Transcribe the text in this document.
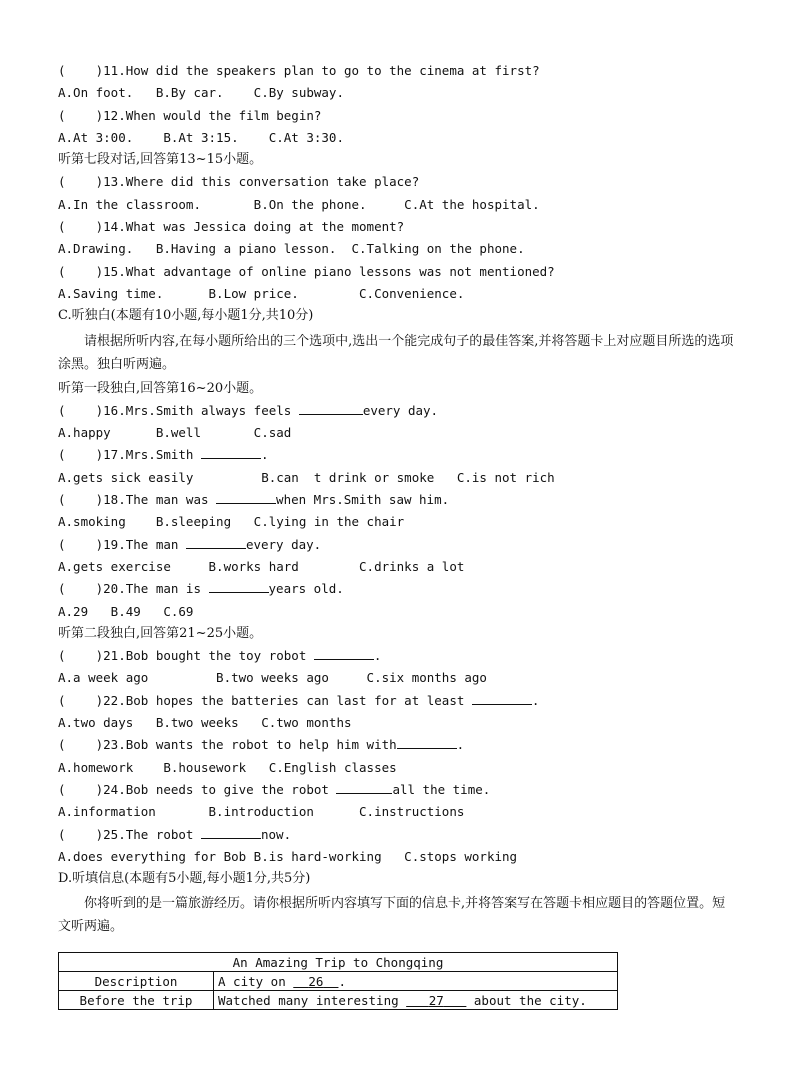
(    )11.How did the speakers plan to go to the cinema at first?
A.On foot.   B.By car.    C.By subway.
(    )12.When would the film begin?
A.At 3:00.    B.At 3:15.    C.At 3:30.
听第七段对话,回答第13~15小题。
(    )13.Where did this conversation take place?
A.In the classroom.       B.On the phone.     C.At the hospital.
(    )14.What was Jessica doing at the moment?
A.Drawing.   B.Having a piano lesson.  C.Talking on the phone.
(    )15.What advantage of online piano lessons was not mentioned?
A.Saving time.      B.Low price.        C.Convenience.
C.听独白(本题有10小题,每小题1分,共10分)
请根据所听内容,在每小题所给出的三个选项中,选出一个能完成句子的最佳答案,并将答题卡上对应题目所选的选项涂黑。独白听两遍。
听第一段独白,回答第16~20小题。
(    )16.Mrs.Smith always feels	every day.
A.happy      B.well       C.sad
(    )17.Mrs.Smith	.
A.gets sick easily         B.can  t drink or smoke   C.is not rich
(    )18.The man was	when Mrs.Smith saw him.
A.smoking    B.sleeping   C.lying in the chair
(    )19.The man	every day.
A.gets exercise     B.works hard        C.drinks a lot
(    )20.The man is	years old.
A.29   B.49   C.69
听第二段独白,回答第21~25小题。
(    )21.Bob bought the toy robot	.
A.a week ago         B.two weeks ago     C.six months ago
(    )22.Bob hopes the batteries can last for at least	.
A.two days   B.two weeks   C.two months
(    )23.Bob wants the robot to help him with	.
A.homework    B.housework   C.English classes
(    )24.Bob needs to give the robot	all the time.
A.information       B.introduction      C.instructions
(    )25.The robot	now.
A.does everything for Bob B.is hard-working   C.stops working
D.听填信息(本题有5小题,每小题1分,共5分)
你将听到的是一篇旅游经历。请你根据所听内容填写下面的信息卡,并将答案写在答题卡相应题目的答题位置。短文听两遍。
An Amazing Trip to Chongqing	
Description	A city on   26 .
Before the trip	Watched many interesting    27    about the city.
